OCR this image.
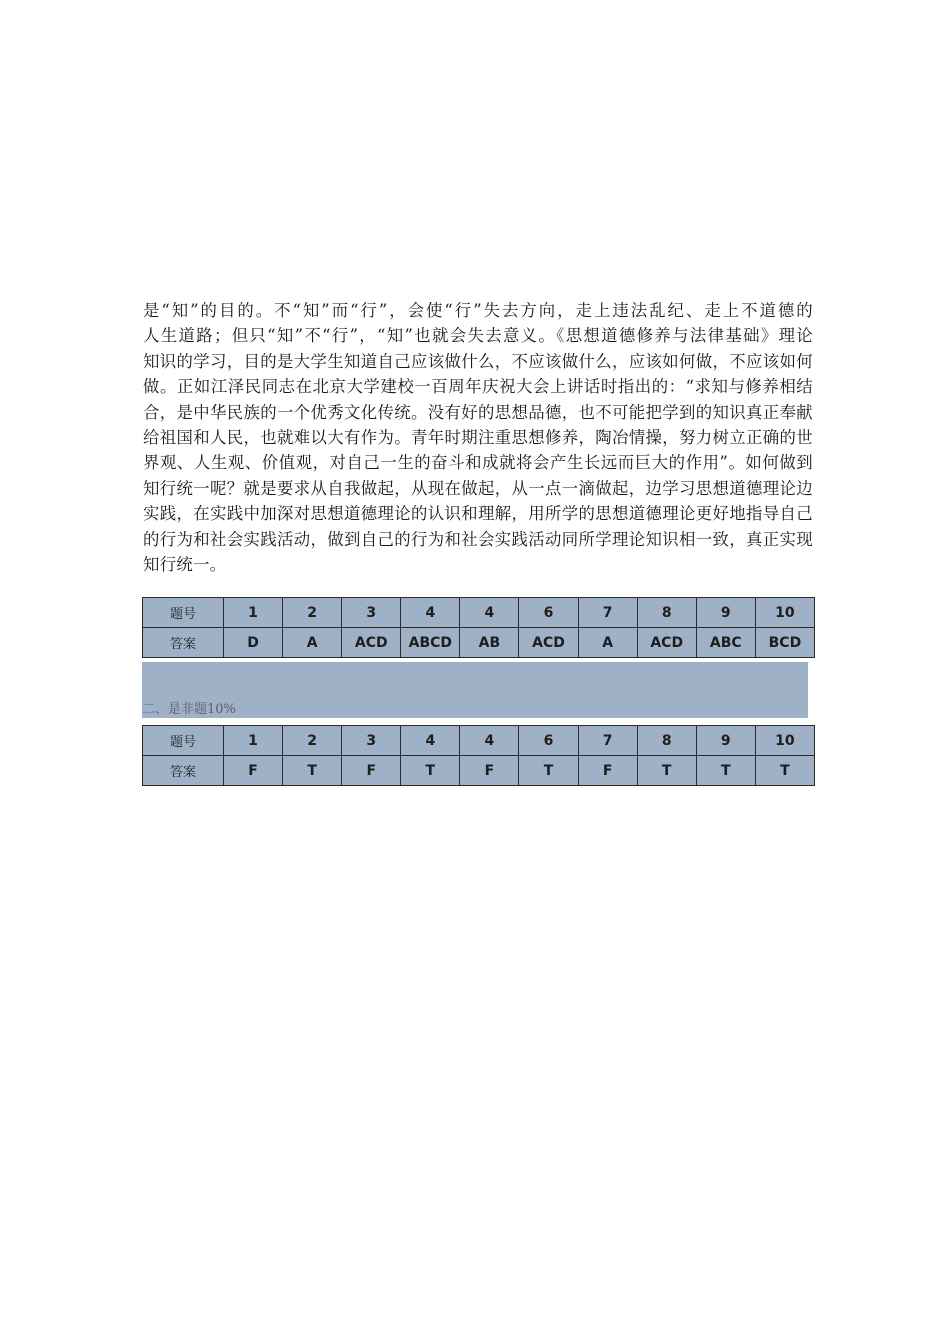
是“知”的目的。不“知”而“行”，会使“行”失去方向，走上违法乱纪、走上不道德的
人生道路；但只“知”不“行”，“知”也就会失去意义。《思想道德修养与法律基础》理论
知识的学习，目的是大学生知道自己应该做什么，不应该做什么，应该如何做，不应该如何
做。正如江泽民同志在北京大学建校一百周年庆祝大会上讲话时指出的：“求知与修养相结
合，是中华民族的一个优秀文化传统。没有好的思想品德，也不可能把学到的知识真正奉献
给祖国和人民，也就难以大有作为。青年时期注重思想修养，陶冶情操，努力树立正确的世
界观、人生观、价值观，对自己一生的奋斗和成就将会产生长远而巨大的作用”。如何做到
知行统一呢？就是要求从自我做起，从现在做起，从一点一滴做起，边学习思想道德理论边
实践，在实践中加深对思想道德理论的认识和理解，用所学的思想道德理论更好地指导自己
的行为和社会实践活动，做到自己的行为和社会实践活动同所学理论知识相一致，真正实现
知行统一。
题号	1	2	3	4	4	6	7	8	9	10
答案	D	A	ACD	ABCD	AB	ACD	A	ACD	ABC	BCD
二、是非题10%
题号	1	2	3	4	4	6	7	8	9	10
答案	F	T	F	T	F	T	F	T	T	T
